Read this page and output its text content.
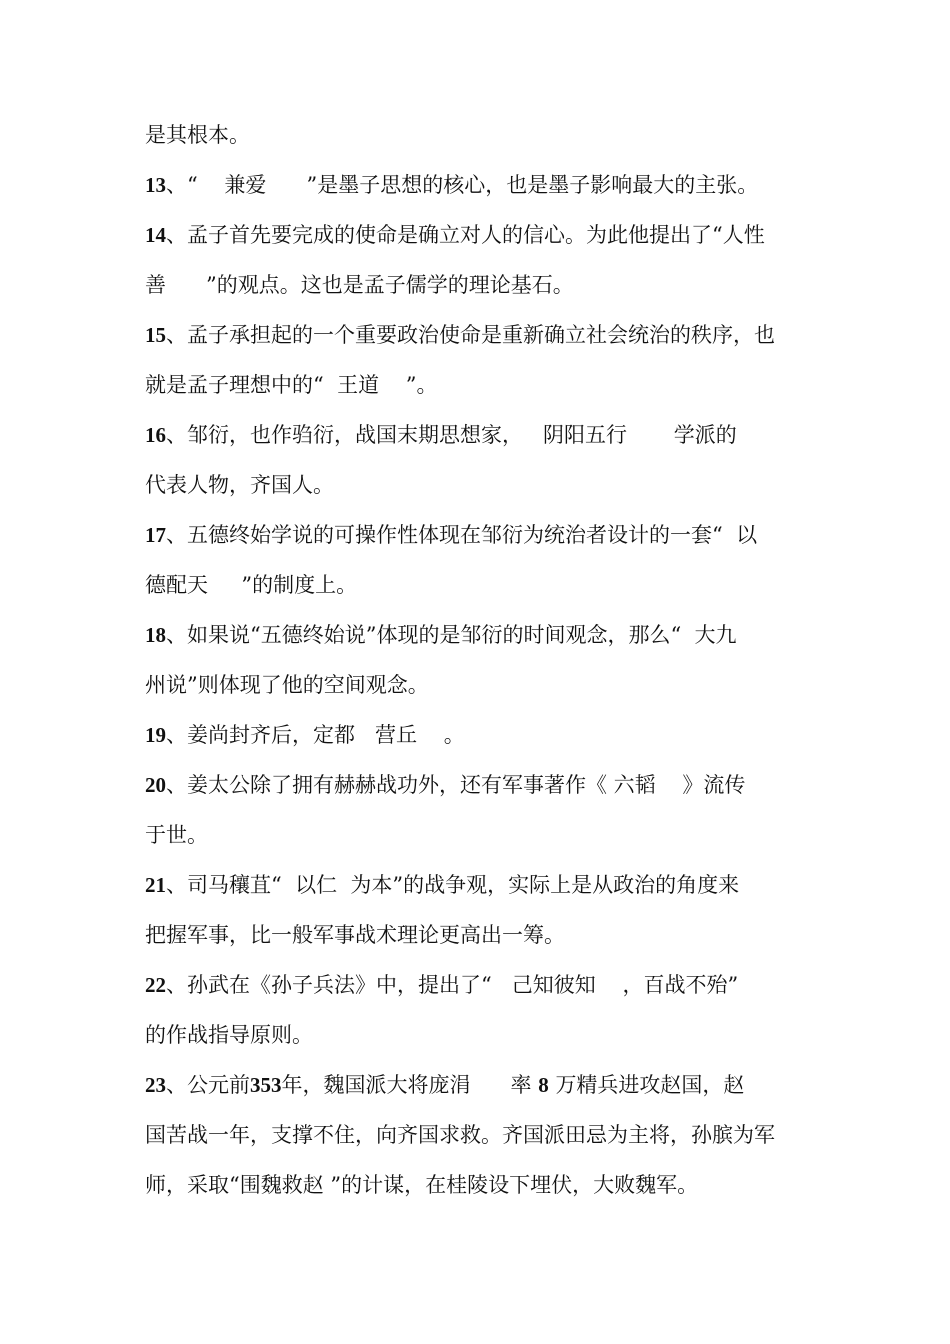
是其根本。
13、“    兼爱      ”是墨子思想的核心，也是墨子影响最大的主张。
14、孟子首先要完成的使命是确立对人的信心。为此他提出了“人性
善      ”的观点。这也是孟子儒学的理论基石。
15、孟子承担起的一个重要政治使命是重新确立社会统治的秩序，也
就是孟子理想中的“  王道    ”。
16、邹衍，也作驺衍，战国末期思想家，   阴阳五行       学派的
代表人物，齐国人。
17、五德终始学说的可操作性体现在邹衍为统治者设计的一套“  以
德配天     ”的制度上。
18、如果说“五德终始说”体现的是邹衍的时间观念，那么“  大九
州说”则体现了他的空间观念。
19、姜尚封齐后，定都   营丘    。
20、姜太公除了拥有赫赫战功外，还有军事著作《 六韬    》流传
于世。
21、司马穰苴“  以仁  为本”的战争观，实际上是从政治的角度来
把握军事，比一般军事战术理论更高出一筹。
22、孙武在《孙子兵法》中，提出了“   己知彼知    ，百战不殆”
的作战指导原则。
23、公元前353年，魏国派大将庞涓      率 8 万精兵进攻赵国，赵
国苦战一年，支撑不住，向齐国求救。齐国派田忌为主将，孙膑为军
师，采取“围魏救赵 ”的计谋，在桂陵设下埋伏，大败魏军。
